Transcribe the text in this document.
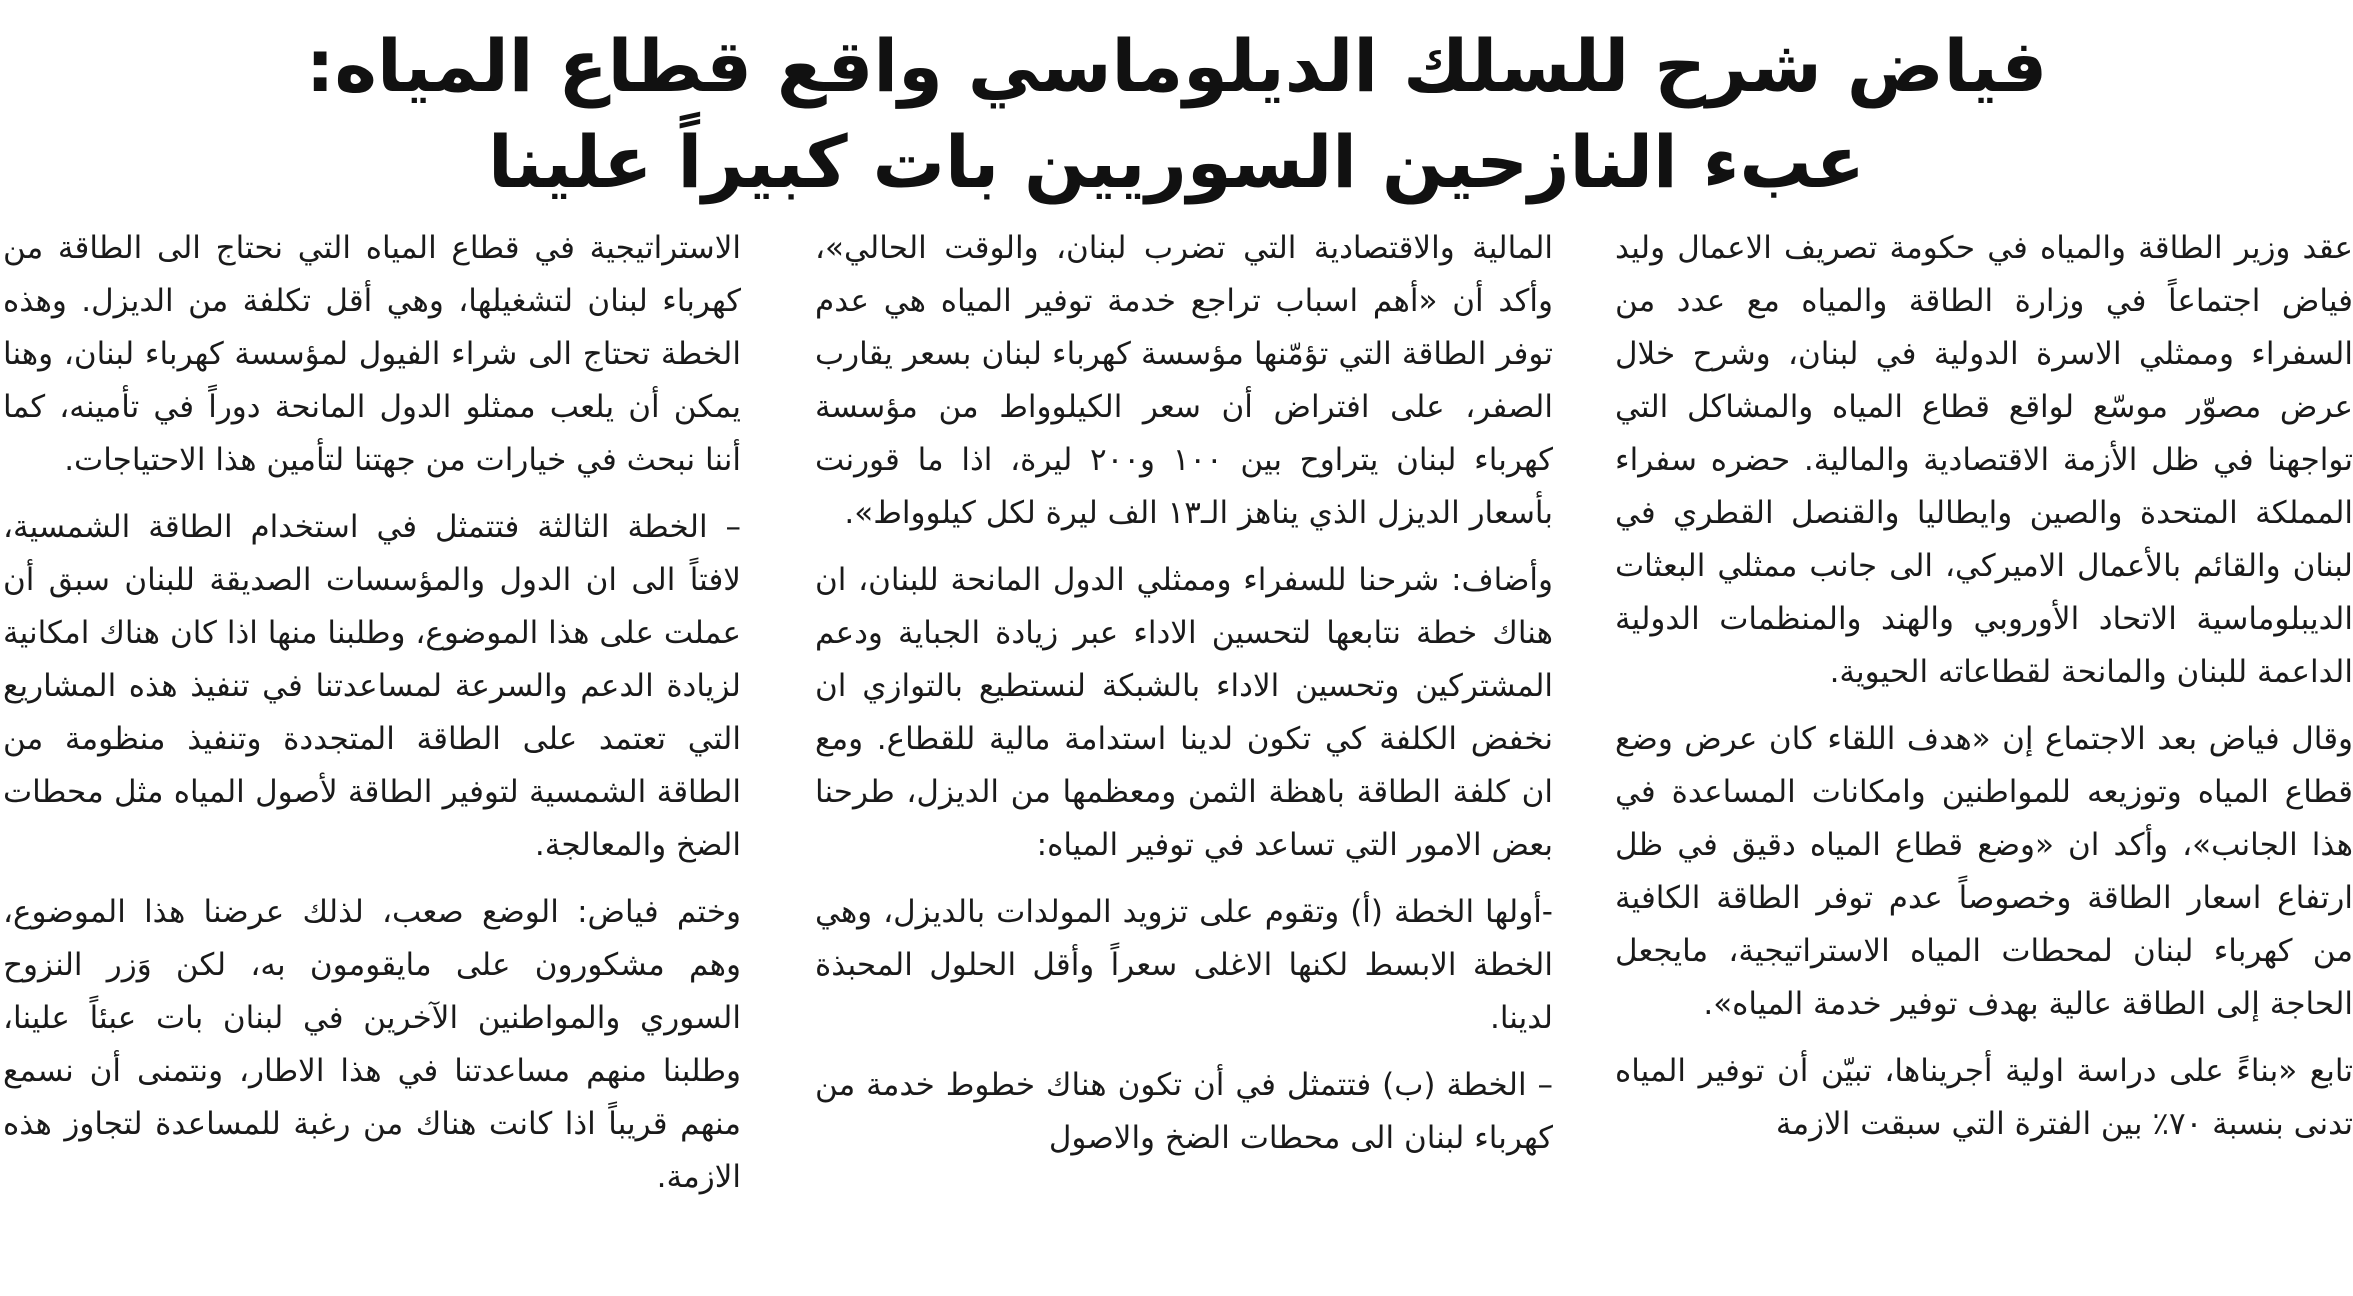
فياض شرح للسلك الديلوماسي واقع قطاع المياه:
عبء النازحين السوريين بات كبيراً علينا

عقد وزير الطاقة والمياه في حكومة تصريف الاعمال وليد فياض اجتماعاً في وزارة الطاقة والمياه مع عدد من السفراء وممثلي الاسرة الدولية في لبنان، وشرح خلال عرض مصوّر موسّع لواقع قطاع المياه والمشاكل التي تواجهنا في ظل الأزمة الاقتصادية والمالية. حضره سفراء المملكة المتحدة والصين وايطاليا والقنصل القطري في لبنان والقائم بالأعمال الاميركي، الى جانب ممثلي البعثات الديبلوماسية الاتحاد الأوروبي والهند والمنظمات الدولية الداعمة للبنان والمانحة لقطاعاته الحيوية.

وقال فياض بعد الاجتماع إن «هدف اللقاء كان عرض وضع قطاع المياه وتوزيعه للمواطنين وامكانات المساعدة في هذا الجانب»، وأكد ان «وضع قطاع المياه دقيق في ظل ارتفاع اسعار الطاقة وخصوصاً عدم توفر الطاقة الكافية من كهرباء لبنان لمحطات المياه الاستراتيجية، مايجعل الحاجة إلى الطاقة عالية بهدف توفير خدمة المياه».

تابع «بناءً على دراسة اولية أجريناها، تبيّن أن توفير المياه تدنى بنسبة ٧٠٪ بين الفترة التي سبقت الازمة

المالية والاقتصادية التي تضرب لبنان، والوقت الحالي»، وأكد أن «أهم اسباب تراجع خدمة توفير المياه هي عدم توفر الطاقة التي تؤمّنها مؤسسة كهرباء لبنان بسعر يقارب الصفر، على افتراض أن سعر الكيلوواط من مؤسسة كهرباء لبنان يتراوح بين ١٠٠ و٢٠٠ ليرة، اذا ما قورنت بأسعار الديزل الذي يناهز الـ١٣ الف ليرة لكل كيلوواط».

وأضاف: شرحنا للسفراء وممثلي الدول المانحة للبنان، ان هناك خطة نتابعها لتحسين الاداء عبر زيادة الجباية ودعم المشتركين وتحسين الاداء بالشبكة لنستطيع بالتوازي ان نخفض الكلفة كي تكون لدينا استدامة مالية للقطاع. ومع ان كلفة الطاقة باهظة الثمن ومعظمها من الديزل، طرحنا بعض الامور التي تساعد في توفير المياه:

-أولها الخطة (أ) وتقوم على تزويد المولدات بالديزل، وهي الخطة الابسط لكنها الاغلى سعراً وأقل الحلول المحبذة لدينا.

– الخطة (ب) فتتمثل في أن تكون هناك خطوط خدمة من كهرباء لبنان الى محطات الضخ والاصول

الاستراتيجية في قطاع المياه التي نحتاج الى الطاقة من كهرباء لبنان لتشغيلها، وهي أقل تكلفة من الديزل. وهذه الخطة تحتاج الى شراء الفيول لمؤسسة كهرباء لبنان، وهنا يمكن أن يلعب ممثلو الدول المانحة دوراً في تأمينه، كما أننا نبحث في خيارات من جهتنا لتأمين هذا الاحتياجات.

– الخطة الثالثة فتتمثل في استخدام الطاقة الشمسية، لافتاً الى ان الدول والمؤسسات الصديقة للبنان سبق أن عملت على هذا الموضوع، وطلبنا منها اذا كان هناك امكانية لزيادة الدعم والسرعة لمساعدتنا في تنفيذ هذه المشاريع التي تعتمد على الطاقة المتجددة وتنفيذ منظومة من الطاقة الشمسية لتوفير الطاقة لأصول المياه مثل محطات الضخ والمعالجة.

وختم فياض: الوضع صعب، لذلك عرضنا هذا الموضوع، وهم مشكورون على مايقومون به، لكن وَزر النزوح السوري والمواطنين الآخرين في لبنان بات عبئاً علينا، وطلبنا منهم مساعدتنا في هذا الاطار، ونتمنى أن نسمع منهم قريباً اذا كانت هناك من رغبة للمساعدة لتجاوز هذه الازمة.
